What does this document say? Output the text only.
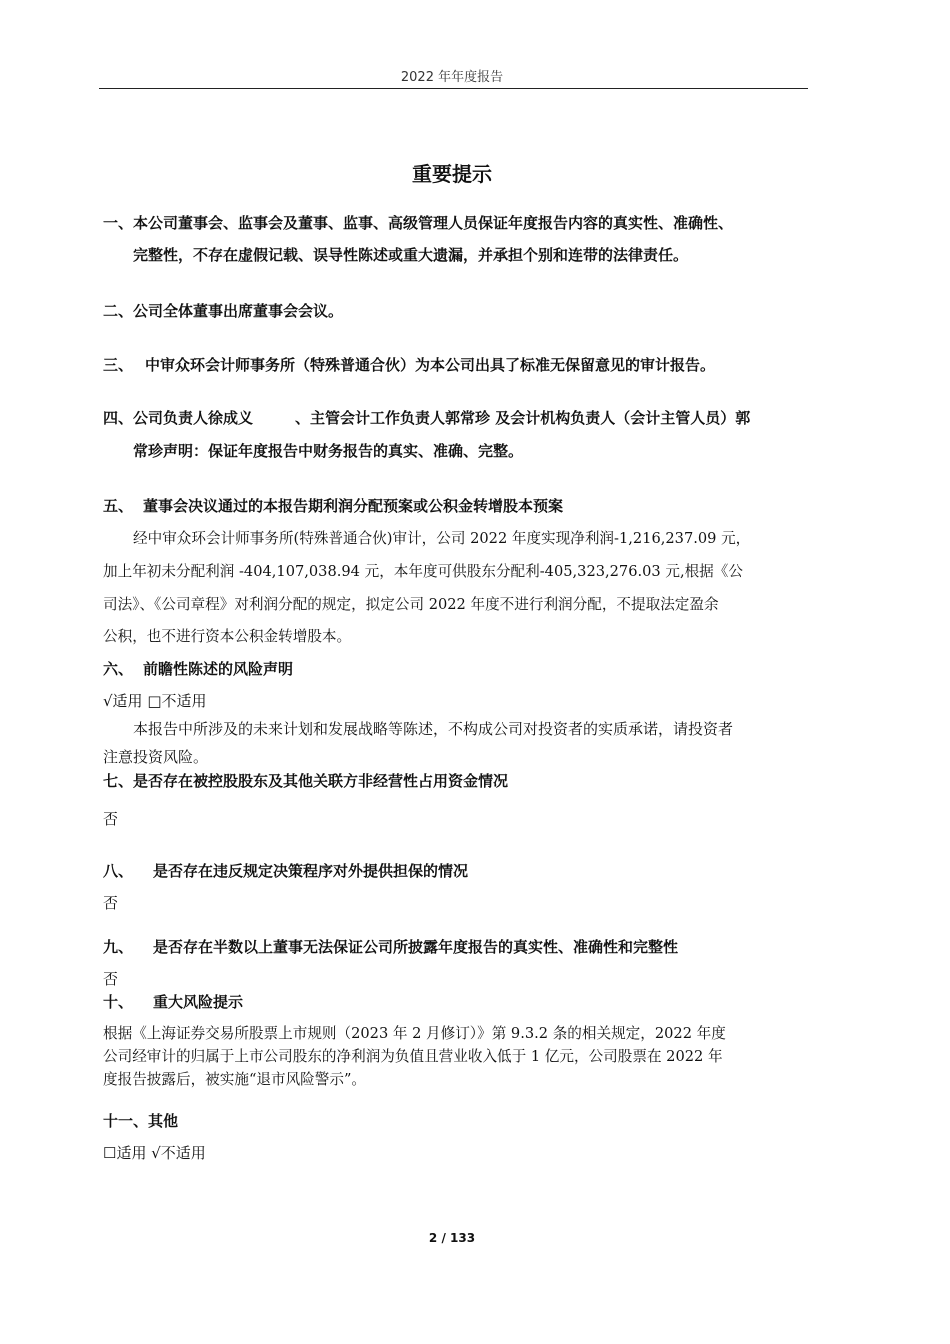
2022 年年度报告
重要提示
一、本公司董事会、监事会及董事、监事、高级管理人员保证年度报告内容的真实性、准确性、
完整性，不存在虚假记载、误导性陈述或重大遗漏，并承担个别和连带的法律责任。
二、公司全体董事出席董事会会议。
三、 中审众环会计师事务所（特殊普通合伙）为本公司出具了标准无保留意见的审计报告。
四、公司负责人徐成义	、主管会计工作负责人郭常珍 及会计机构负责人（会计主管人员）郭
常珍声明：保证年度报告中财务报告的真实、准确、完整。
五、 董事会决议通过的本报告期利润分配预案或公积金转增股本预案
经中审众环会计师事务所(特殊普通合伙)审计，公司 2022 年度实现净利润-1,216,237.09 元，
加上年初未分配利润 -404,107,038.94 元，本年度可供股东分配利-405,323,276.03 元,根据《公
司法》、《公司章程》对利润分配的规定，拟定公司 2022 年度不进行利润分配，不提取法定盈余
公积，也不进行资本公积金转增股本。
六、 前瞻性陈述的风险声明
√适用 □不适用
本报告中所涉及的未来计划和发展战略等陈述，不构成公司对投资者的实质承诺，请投资者
注意投资风险。
七、是否存在被控股股东及其他关联方非经营性占用资金情况
否
八、 是否存在违反规定决策程序对外提供担保的情况
否
九、 是否存在半数以上董事无法保证公司所披露年度报告的真实性、准确性和完整性
否
十、 重大风险提示
根据《上海证券交易所股票上市规则（2023 年 2 月修订）》第 9.3.2 条的相关规定，2022 年度
公司经审计的归属于上市公司股东的净利润为负值且营业收入低于 1 亿元，公司股票在 2022 年
度报告披露后，被实施“退市风险警示”。
十一、其他
☐适用 √不适用
2 / 133
